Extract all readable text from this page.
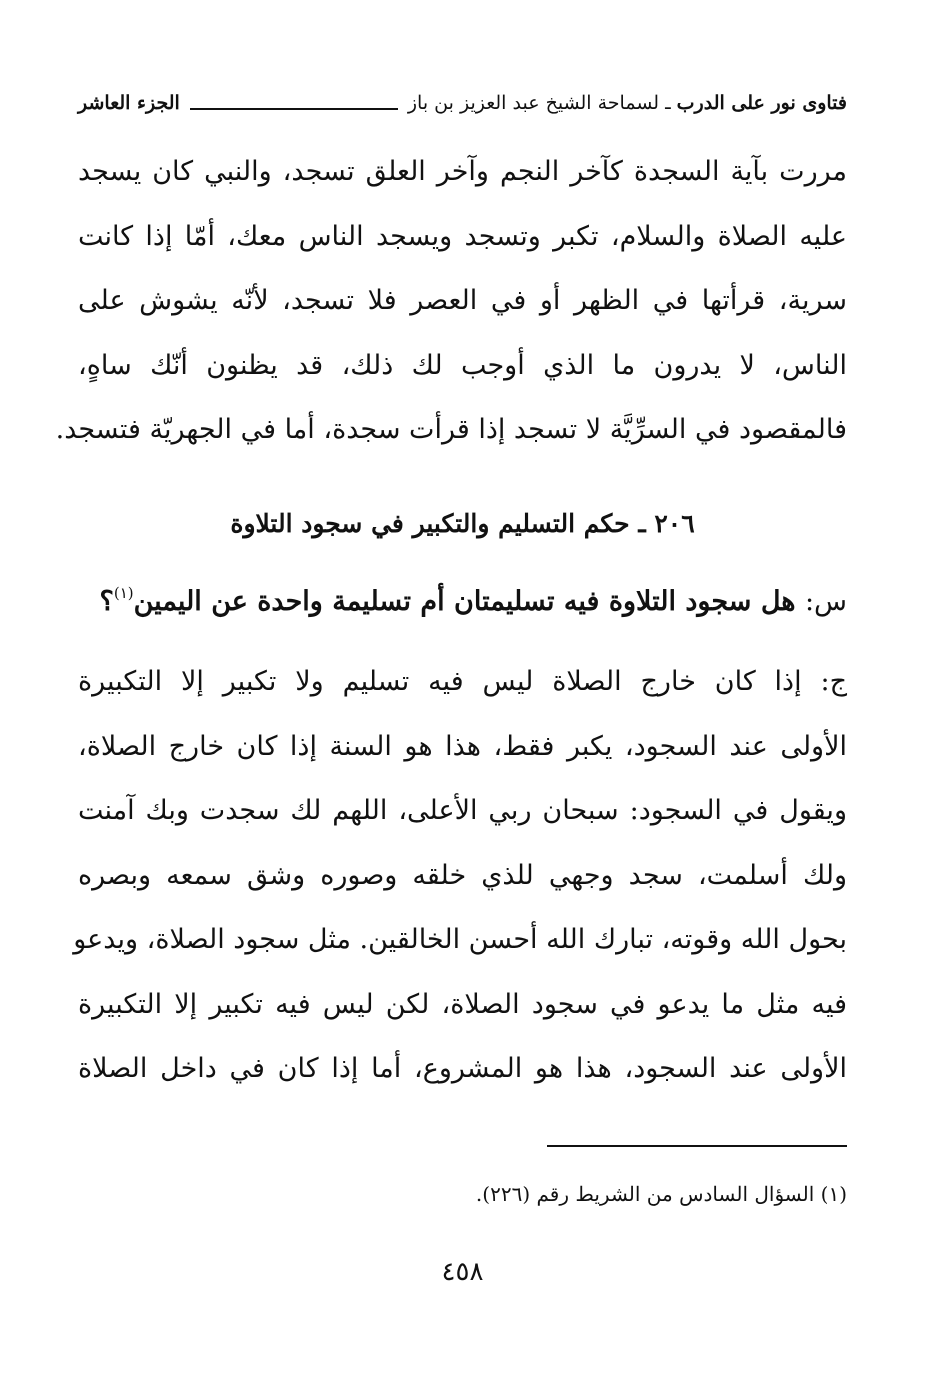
فتاوى نور على الدرب
ـ
لسماحة الشيخ عبد العزيز بن باز
الجزء العاشر
مررت بآية السجدة كآخر النجم وآخر العلق تسجد، والنبي كان يسجد
عليه الصلاة والسلام، تكبر وتسجد ويسجد الناس معك، أمّا إذا كانت
سرية، قرأتها في الظهر أو في العصر فلا تسجد، لأنّه يشوش على
الناس، لا يدرون ما الذي أوجب لك ذلك، قد يظنون أنّك ساهٍ،
فالمقصود في السرِّيَّة لا تسجد إذا قرأت سجدة، أما في الجهريّة فتسجد.
٢٠٦ ـ حكم التسليم والتكبير في سجود التلاوة
س: هل سجود التلاوة فيه تسليمتان أم تسليمة واحدة عن اليمين$^{(١)}$؟
ج: إذا كان خارج الصلاة ليس فيه تسليم ولا تكبير إلا التكبيرة
الأولى عند السجود، يكبر فقط، هذا هو السنة إذا كان خارج الصلاة،
ويقول في السجود: سبحان ربي الأعلى، اللهم لك سجدت وبك آمنت
ولك أسلمت، سجد وجهي للذي خلقه وصوره وشق سمعه وبصره
بحول الله وقوته، تبارك الله أحسن الخالقين. مثل سجود الصلاة، ويدعو
فيه مثل ما يدعو في سجود الصلاة، لكن ليس فيه تكبير إلا التكبيرة
الأولى عند السجود، هذا هو المشروع، أما إذا كان في داخل الصلاة
(١) السؤال السادس من الشريط رقم (٢٢٦).
٤٥٨
